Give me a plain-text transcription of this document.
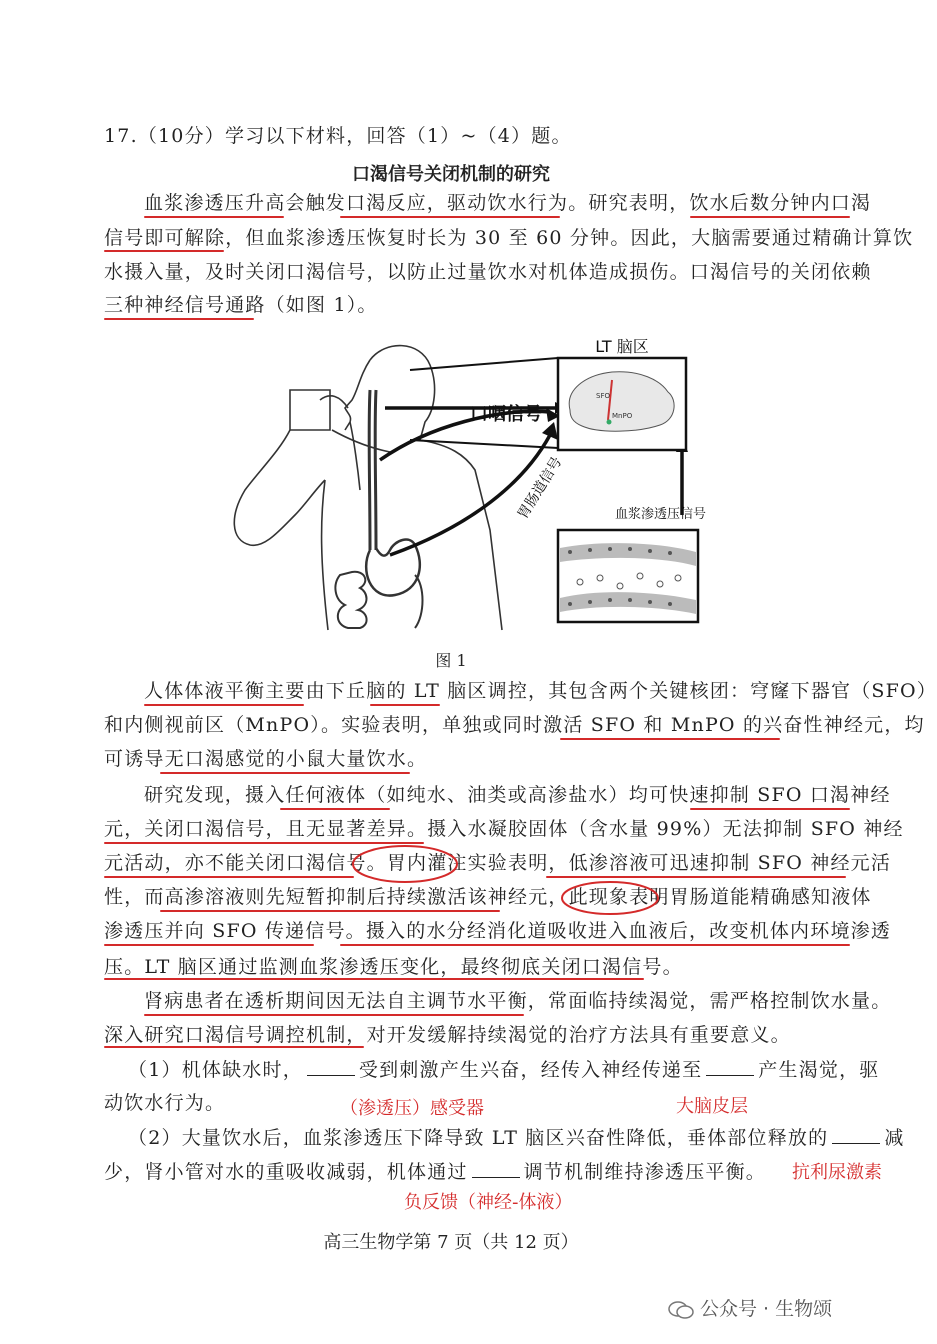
17.（10分）学习以下材料，回答（1）~（4）题。
口渴信号关闭机制的研究
血浆渗透压升高会触发口渴反应，驱动饮水行为。研究表明，饮水后数分钟内口渴
信号即可解除，但血浆渗透压恢复时长为 30 至 60 分钟。因此，大脑需要通过精确计算饮
水摄入量，及时关闭口渴信号，以防止过量饮水对机体造成损伤。口渴信号的关闭依赖
三种神经信号通路（如图 1）。
LT 脑区
SFO
MnPO
口咽信号
胃肠道信号	血浆渗透压信号
图 1
人体体液平衡主要由下丘脑的 LT 脑区调控，其包含两个关键核团：穹窿下器官（SFO）
和内侧视前区（MnPO）。实验表明，单独或同时激活 SFO 和 MnPO 的兴奋性神经元，均
可诱导无口渴感觉的小鼠大量饮水。
研究发现，摄入任何液体（如纯水、油类或高渗盐水）均可快速抑制 SFO 口渴神经
元，关闭口渴信号，且无显著差异。摄入水凝胶固体（含水量 99%）无法抑制 SFO 神经
元活动，亦不能关闭口渴信号。胃内灌注实验表明，低渗溶液可迅速抑制 SFO 神经元活
性，而高渗溶液则先短暂抑制后持续激活该神经元，此现象表明胃肠道能精确感知液体
渗透压并向 SFO 传递信号。摄入的水分经消化道吸收进入血液后，改变机体内环境渗透
压。LT 脑区通过监测血浆渗透压变化，最终彻底关闭口渴信号。
肾病患者在透析期间因无法自主调节水平衡，常面临持续渴觉，需严格控制饮水量。
深入研究口渴信号调控机制，对开发缓解持续渴觉的治疗方法具有重要意义。
（1）机体缺水时，	受到刺激产生兴奋，经传入神经传递至	产生渴觉，驱
动饮水行为。	（渗透压）感受器	大脑皮层
（2）大量饮水后，血浆渗透压下降导致 LT 脑区兴奋性降低，垂体部位释放的	减
少，肾小管对水的重吸收减弱，机体通过	调节机制维持渗透压平衡。 抗利尿激素
负反馈（神经-体液）
高三生物学第 7 页（共 12 页）
公众号 · 生物颂
